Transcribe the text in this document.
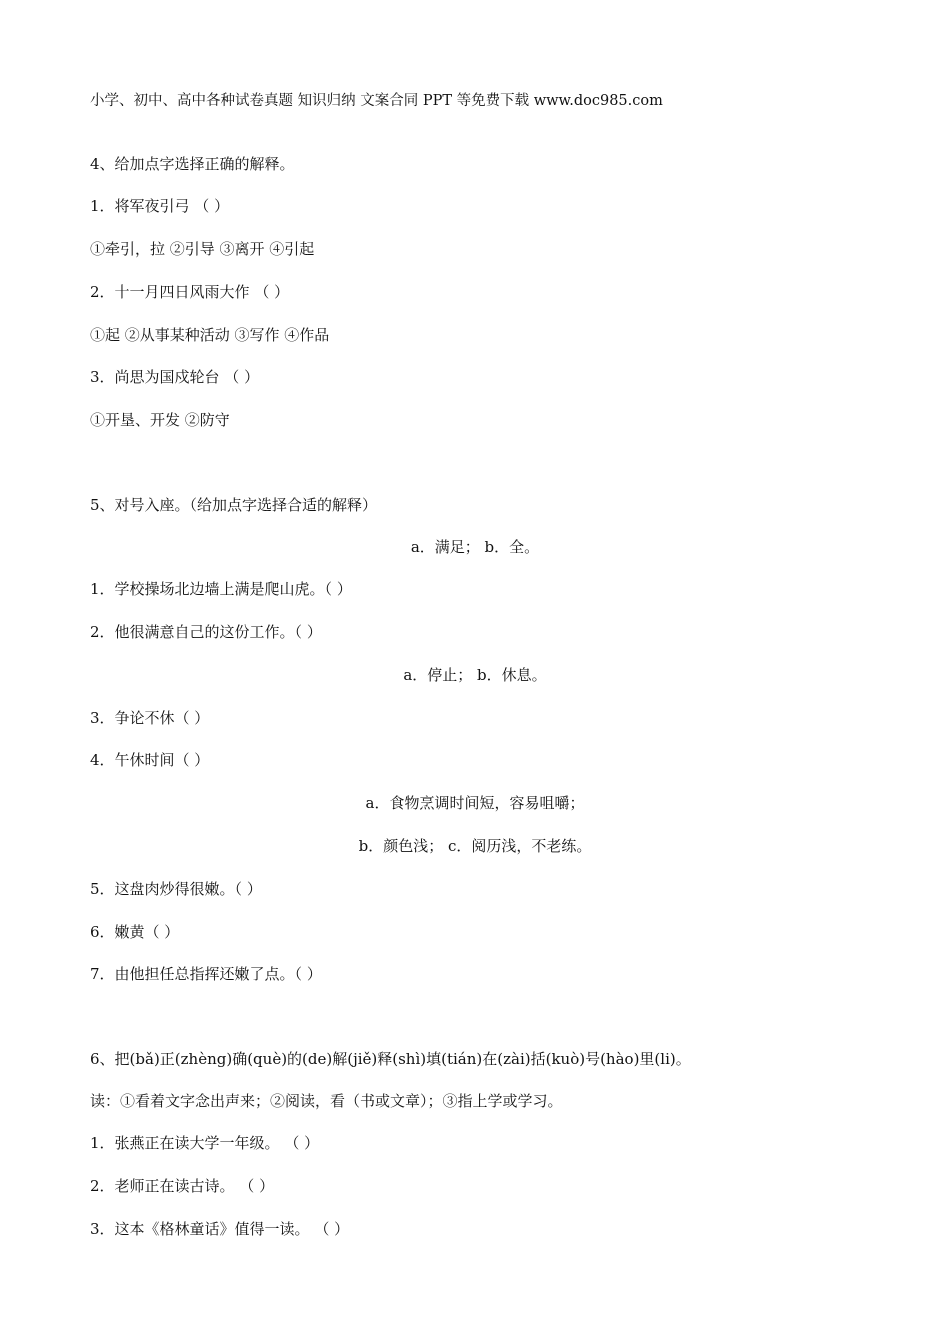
小学、初中、高中各种试卷真题 知识归纳 文案合同 PPT 等免费下载 www.doc985.com
4、给加点字选择正确的解释。
1．将军夜引弓 （ ）
①牵引，拉 ②引导 ③离开 ④引起
2．十一月四日风雨大作 （ ）
①起 ②从事某种活动 ③写作 ④作品
3．尚思为国戍轮台 （ ）
①开垦、开发 ②防守
5、对号入座。（给加点字选择合适的解释）
a．满足； b．全。
1．学校操场北边墙上满是爬山虎。（ ）
2．他很满意自己的这份工作。（ ）
a．停止； b．休息。
3．争论不休（ ）
4．午休时间（ ）
a．食物烹调时间短，容易咀嚼；
b．颜色浅； c．阅历浅，不老练。
5．这盘肉炒得很嫩。（ ）
6．嫩黄（ ）
7．由他担任总指挥还嫩了点。（ ）
6、把(bǎ)正(zhèng)确(què)的(de)解(jiě)释(shì)填(tián)在(zài)括(kuò)号(hào)里(li)。
读：①看着文字念出声来；②阅读，看（书或文章）；③指上学或学习。
1．张燕正在读大学一年级。 （ ）
2．老师正在读古诗。 （ ）
3．这本《格林童话》值得一读。 （ ）
